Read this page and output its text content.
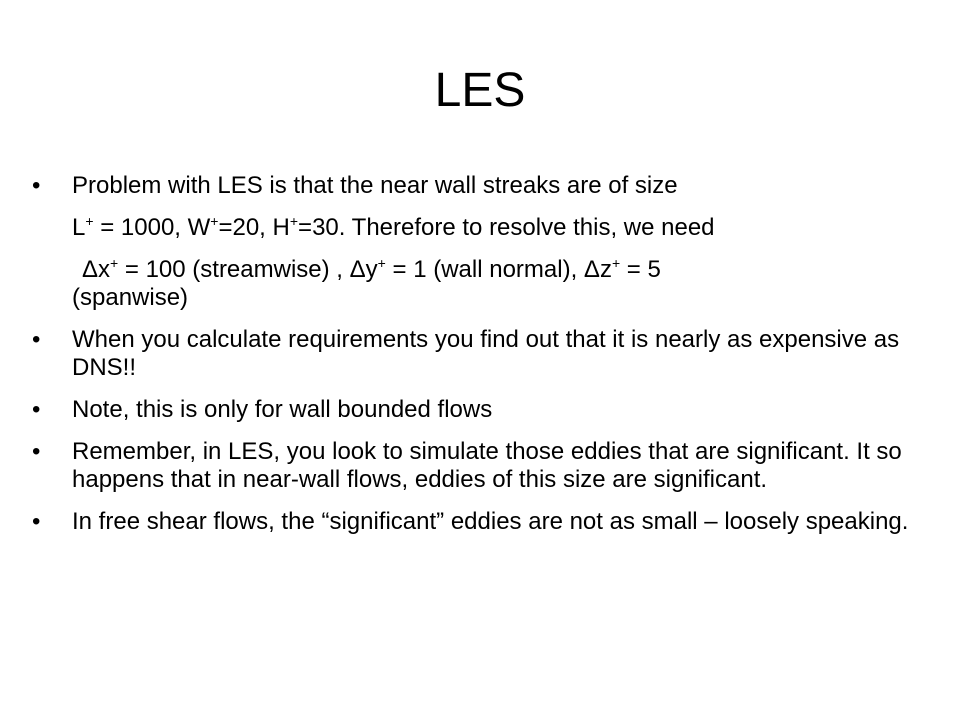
LES
•	Problem with LES is that the near wall streaks are of size
L+ = 1000, W+=20, H+=30. Therefore to resolve this, we need
Δx+ = 100 (streamwise) , Δy+ = 1 (wall normal), Δz+ = 5
(spanwise)
•	When you calculate requirements you find out that it is nearly as expensive as DNS!!
•	Note, this is only for wall bounded flows
•	Remember, in LES, you look to simulate those eddies that are significant. It so happens that in near-wall flows, eddies of this size are significant.
•	In free shear flows, the “significant” eddies are not as small – loosely speaking.
